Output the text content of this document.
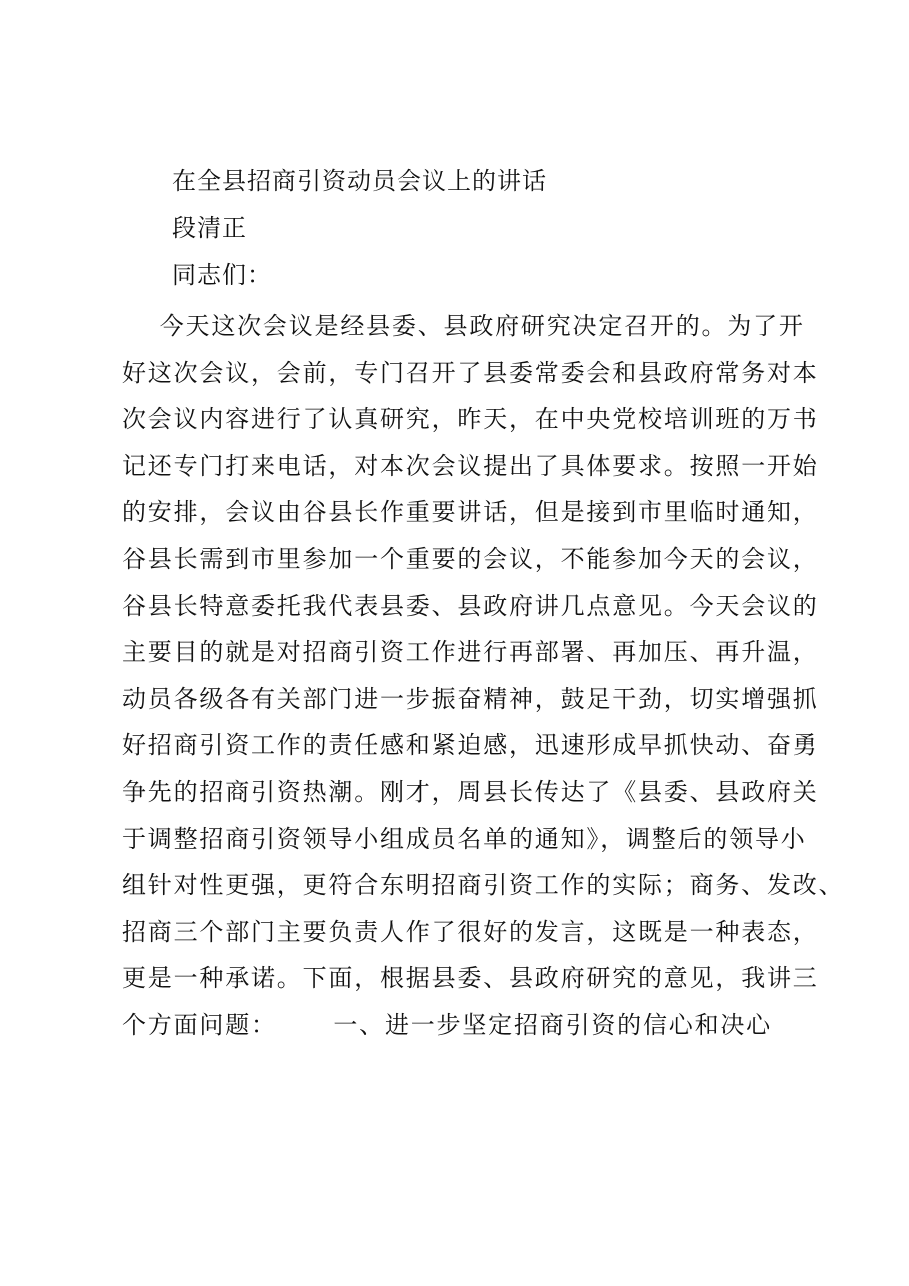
在全县招商引资动员会议上的讲话
段清正
同志们：
今天这次会议是经县委、县政府研究决定召开的。为了开
好这次会议，会前，专门召开了县委常委会和县政府常务对本
次会议内容进行了认真研究，昨天，在中央党校培训班的万书
记还专门打来电话，对本次会议提出了具体要求。按照一开始
的安排，会议由谷县长作重要讲话，但是接到市里临时通知，
谷县长需到市里参加一个重要的会议，不能参加今天的会议，
谷县长特意委托我代表县委、县政府讲几点意见。今天会议的
主要目的就是对招商引资工作进行再部署、再加压、再升温，
动员各级各有关部门进一步振奋精神，鼓足干劲，切实增强抓
好招商引资工作的责任感和紧迫感，迅速形成早抓快动、奋勇
争先的招商引资热潮。刚才，周县长传达了《县委、县政府关
于调整招商引资领导小组成员名单的通知》，调整后的领导小
组针对性更强，更符合东明招商引资工作的实际；商务、发改、
招商三个部门主要负责人作了很好的发言，这既是一种表态，
更是一种承诺。下面，根据县委、县政府研究的意见，我讲三
个方面问题：      一、进一步坚定招商引资的信心和决心
